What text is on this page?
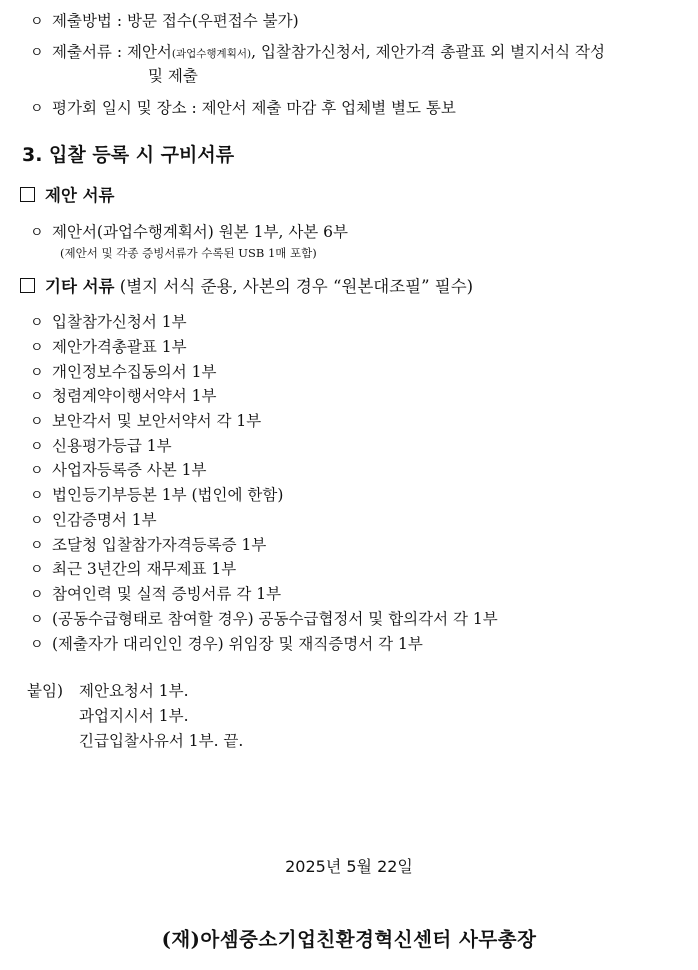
ㅇ 제출방법 : 방문 접수(우편접수 불가)
ㅇ 제출서류 : 제안서(과업수행계획서), 입찰참가신청서, 제안가격 총괄표 외 별지서식 작성
및 제출
ㅇ 평가회 일시 및 장소 : 제안서 제출 마감 후 업체별 별도 통보
3. 입찰 등록 시 구비서류
제안 서류
ㅇ 제안서(과업수행계획서) 원본 1부, 사본 6부
(제안서 및 각종 증빙서류가 수록된 USB 1매 포함)
기타 서류 (별지 서식 준용, 사본의 경우 “원본대조필” 필수)
ㅇ 입찰참가신청서 1부
ㅇ 제안가격총괄표 1부
ㅇ 개인정보수집동의서 1부
ㅇ 청렴계약이행서약서 1부
ㅇ 보안각서 및 보안서약서 각 1부
ㅇ 신용평가등급 1부
ㅇ 사업자등록증 사본 1부
ㅇ 법인등기부등본 1부 (법인에 한함)
ㅇ 인감증명서 1부
ㅇ 조달청 입찰참가자격등록증 1부
ㅇ 최근 3년간의 재무제표 1부
ㅇ 참여인력 및 실적 증빙서류 각 1부
ㅇ (공동수급형태로 참여할 경우) 공동수급협정서 및 합의각서 각 1부
ㅇ (제출자가 대리인인 경우) 위임장 및 재직증명서 각 1부
붙임) 제안요청서 1부.
과업지시서 1부.
긴급입찰사유서 1부. 끝.
2025년 5월 22일
(재)아셈중소기업친환경혁신센터 사무총장
